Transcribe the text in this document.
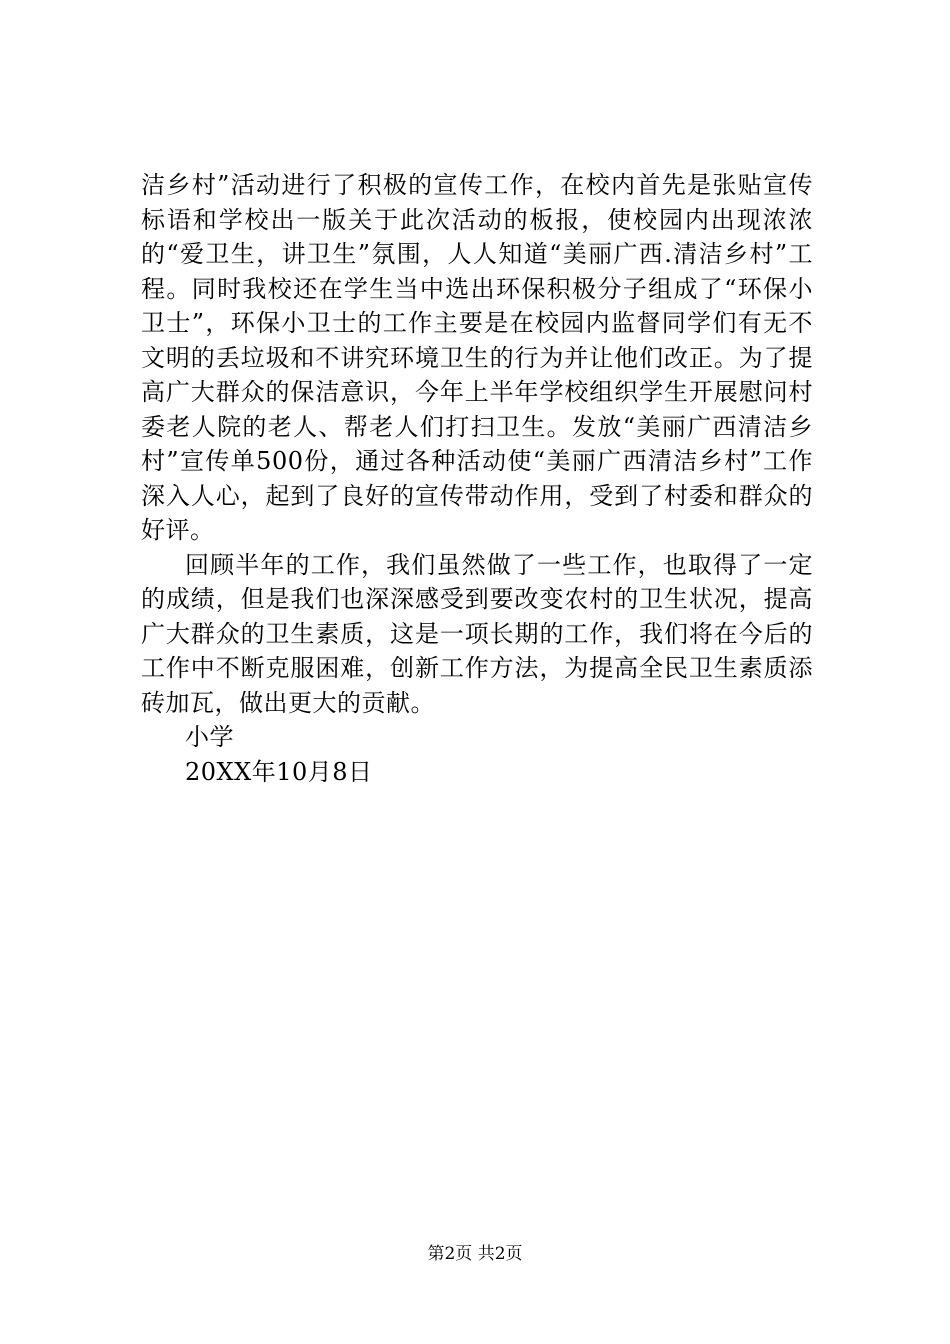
洁乡村”活动进行了积极的宣传工作，在校内首先是张贴宣传标语和学校出一版关于此次活动的板报，使校园内出现浓浓的“爱卫生，讲卫生”氛围，人人知道“美丽广西.清洁乡村”工程。同时我校还在学生当中选出环保积极分子组成了“环保小卫士”，环保小卫士的工作主要是在校园内监督同学们有无不文明的丢垃圾和不讲究环境卫生的行为并让他们改正。为了提高广大群众的保洁意识，今年上半年学校组织学生开展慰问村委老人院的老人、帮老人们打扫卫生。发放“美丽广西清洁乡村”宣传单500份，通过各种活动使“美丽广西清洁乡村”工作深入人心，起到了良好的宣传带动作用，受到了村委和群众的好评。

回顾半年的工作，我们虽然做了一些工作，也取得了一定的成绩，但是我们也深深感受到要改变农村的卫生状况，提高广大群众的卫生素质，这是一项长期的工作，我们将在今后的工作中不断克服困难，创新工作方法，为提高全民卫生素质添砖加瓦，做出更大的贡献。

小学

20XX年10月8日

第2页 共2页
